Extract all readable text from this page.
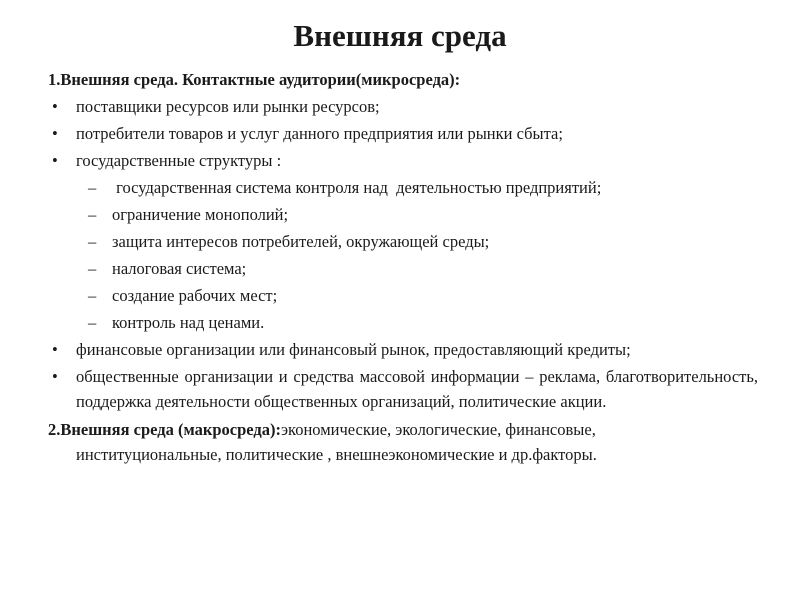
Внешняя среда
1.Внешняя среда. Контактные аудитории(микросреда):
•	поставщики ресурсов или рынки ресурсов;
•	потребители товаров и услуг данного предприятия или рынки сбыта;
•	государственные структуры :
– государственная система контроля над  деятельностью предприятий;
– ограничение монополий;
– защита интересов потребителей, окружающей среды;
– налоговая система;
– создание рабочих мест;
– контроль над ценами.
•	финансовые организации или финансовый рынок, предоставляющий кредиты;
•	общественные организации и средства массовой информации – реклама, благотворительность, поддержка деятельности общественных организаций, политические акции.
2.Внешняя среда (макросреда):экономические, экологические, финансовые,
институциональные, политические , внешнеэкономические и др.факторы.
